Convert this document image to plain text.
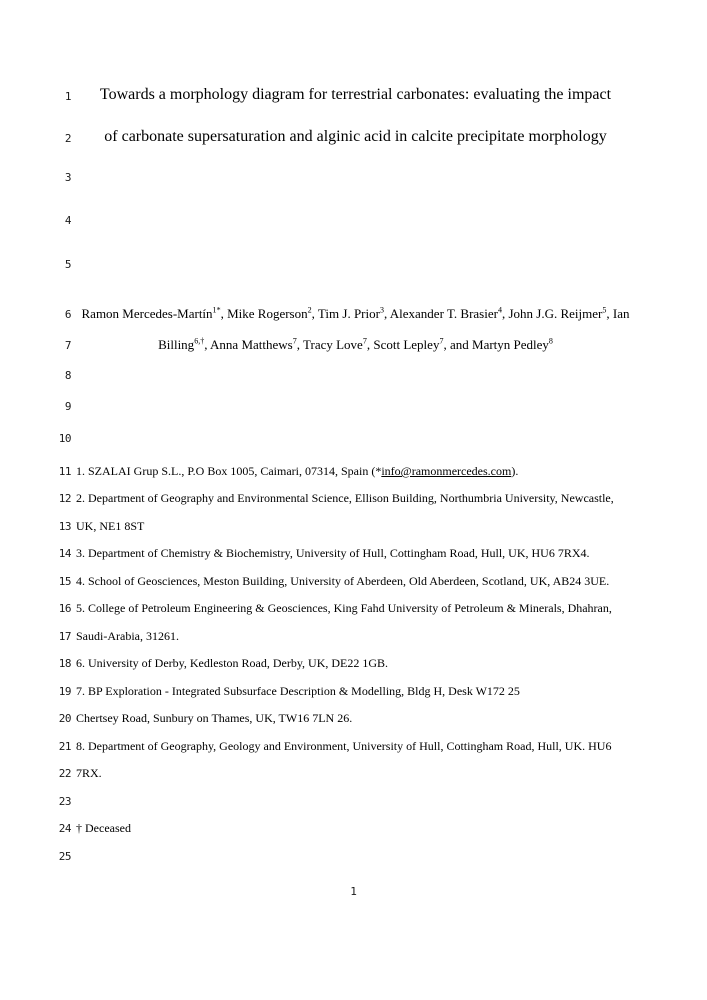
1	Towards a morphology diagram for terrestrial carbonates: evaluating the impact
2	of carbonate supersaturation and alginic acid in calcite precipitate morphology
3
4
5
6 Ramon Mercedes-Martín$^{1*}$, Mike Rogerson$^2$, Tim J. Prior$^3$, Alexander T. Brasier$^4$, John J.G. Reijmer$^5$, Ian
7	Billing$^{6,\dagger}$, Anna Matthews$^7$, Tracy Love$^7$, Scott Lepley$^7$, and Martyn Pedley$^8$
8
9
10
11 1. SZALAI Grup S.L., P.O Box 1005, Caimari, 07314, Spain (*info@ramonmercedes.com).
12 2. Department of Geography and Environmental Science, Ellison Building, Northumbria University, Newcastle,
13 UK, NE1 8ST
14 3. Department of Chemistry & Biochemistry, University of Hull, Cottingham Road, Hull, UK, HU6 7RX4.
15 4. School of Geosciences, Meston Building, University of Aberdeen, Old Aberdeen, Scotland, UK, AB24 3UE.
16 5. College of Petroleum Engineering & Geosciences, King Fahd University of Petroleum & Minerals, Dhahran,
17 Saudi-Arabia, 31261.
18 6. University of Derby, Kedleston Road, Derby, UK, DE22 1GB.
19 7. BP Exploration - Integrated Subsurface Description & Modelling, Bldg H, Desk W172 25
20 Chertsey Road, Sunbury on Thames, UK, TW16 7LN 26.
21 8. Department of Geography, Geology and Environment, University of Hull, Cottingham Road, Hull, UK. HU6
22 7RX.
23
24 † Deceased
25
1
